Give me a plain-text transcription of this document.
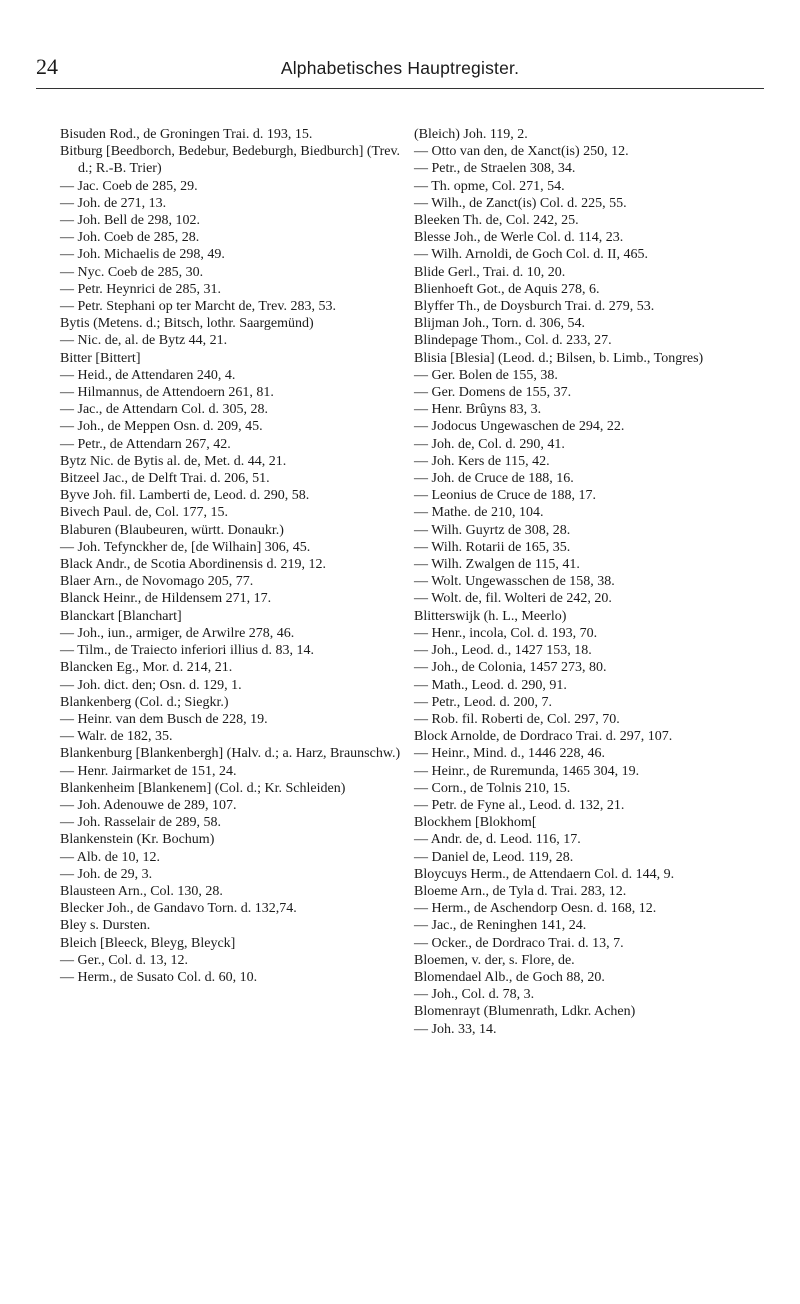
24	Alphabetisches Hauptregister.

Bisuden Rod., de Groningen Trai. d. 193, 15.

Bitburg [Beedborch, Bedebur, Bedeburgh, Biedburch] (Trev. d.; R.-B. Trier)

— Jac. Coeb de 285, 29.

— Joh. de 271, 13.

— Joh. Bell de 298, 102.

— Joh. Coeb de 285, 28.

— Joh. Michaelis de 298, 49.

— Nyc. Coeb de 285, 30.

— Petr. Heynrici de 285, 31.

— Petr. Stephani op ter Marcht de, Trev. 283, 53.

Bytis (Metens. d.; Bitsch, lothr. Saargemünd)

— Nic. de, al. de Bytz 44, 21.

Bitter [Bittert]

— Heid., de Attendaren 240, 4.

— Hilmannus, de Attendoern 261, 81.

— Jac., de Attendarn Col. d. 305, 28.

— Joh., de Meppen Osn. d. 209, 45.

— Petr., de Attendarn 267, 42.

Bytz Nic. de Bytis al. de, Met. d. 44, 21.

Bitzeel Jac., de Delft Trai. d. 206, 51.

Byve Joh. fil. Lamberti de, Leod. d. 290, 58.

Bivech Paul. de, Col. 177, 15.

Blaburen (Blaubeuren, württ. Donaukr.)

— Joh. Tefynckher de, [de Wilhain] 306, 45.

Black Andr., de Scotia Abordinensis d. 219, 12.

Blaer Arn., de Novomago 205, 77.

Blanck Heinr., de Hildensem 271, 17.

Blanckart [Blanchart]

— Joh., iun., armiger, de Arwilre 278, 46.

— Tilm., de Traiecto inferiori illius d. 83, 14.

Blancken Eg., Mor. d. 214, 21.

— Joh. dict. den; Osn. d. 129, 1.

Blankenberg (Col. d.; Siegkr.)

— Heinr. van dem Busch de 228, 19.

— Walr. de 182, 35.

Blankenburg [Blankenbergh] (Halv. d.; a. Harz, Braunschw.)

— Henr. Jairmarket de 151, 24.

Blankenheim [Blankenem] (Col. d.; Kr. Schleiden)

— Joh. Adenouwe de 289, 107.

— Joh. Rasselair de 289, 58.

Blankenstein (Kr. Bochum)

— Alb. de 10, 12.

— Joh. de 29, 3.

Blausteen Arn., Col. 130, 28.

Blecker Joh., de Gandavo Torn. d. 132,74.

Bley s. Dursten.

Bleich [Bleeck, Bleyg, Bleyck]

— Ger., Col. d. 13, 12.

— Herm., de Susato Col. d. 60, 10.

(Bleich) Joh. 119, 2.

— Otto van den, de Xanct(is) 250, 12.

— Petr., de Straelen 308, 34.

— Th. opme, Col. 271, 54.

— Wilh., de Zanct(is) Col. d. 225, 55.

Bleeken Th. de, Col. 242, 25.

Blesse Joh., de Werle Col. d. 114, 23.

— Wilh. Arnoldi, de Goch Col. d. II, 465.

Blide Gerl., Trai. d. 10, 20.

Blienhoeft Got., de Aquis 278, 6.

Blyffer Th., de Doysburch Trai. d. 279, 53.

Blijman Joh., Torn. d. 306, 54.

Blindepage Thom., Col. d. 233, 27.

Blisia [Blesia] (Leod. d.; Bilsen, b. Limb., Tongres)

— Ger. Bolen de 155, 38.

— Ger. Domens de 155, 37.

— Henr. Brûyns 83, 3.

— Jodocus Ungewaschen de 294, 22.

— Joh. de, Col. d. 290, 41.

— Joh. Kers de 115, 42.

— Joh. de Cruce de 188, 16.

— Leonius de Cruce de 188, 17.

— Mathe. de 210, 104.

— Wilh. Guyrtz de 308, 28.

— Wilh. Rotarii de 165, 35.

— Wilh. Zwalgen de 115, 41.

— Wolt. Ungewasschen de 158, 38.

— Wolt. de, fil. Wolteri de 242, 20.

Blitterswijk (h. L., Meerlo)

— Henr., incola, Col. d. 193, 70.

— Joh., Leod. d., 1427 153, 18.

— Joh., de Colonia, 1457 273, 80.

— Math., Leod. d. 290, 91.

— Petr., Leod. d. 200, 7.

— Rob. fil. Roberti de, Col. 297, 70.

Block Arnolde, de Dordraco Trai. d. 297, 107.

— Heinr., Mind. d., 1446 228, 46.

— Heinr., de Ruremunda, 1465 304, 19.

— Corn., de Tolnis 210, 15.

— Petr. de Fyne al., Leod. d. 132, 21.

Blockhem [Blokhom[

— Andr. de, d. Leod. 116, 17.

— Daniel de, Leod. 119, 28.

Bloycuys Herm., de Attendaern Col. d. 144, 9.

Bloeme Arn., de Tyla d. Trai. 283, 12.

— Herm., de Aschendorp Oesn. d. 168, 12.

— Jac., de Reninghen 141, 24.

— Ocker., de Dordraco Trai. d. 13, 7.

Bloemen, v. der, s. Flore, de.

Blomendael Alb., de Goch 88, 20.

— Joh., Col. d. 78, 3.

Blomenrayt (Blumenrath, Ldkr. Achen)

— Joh. 33, 14.
